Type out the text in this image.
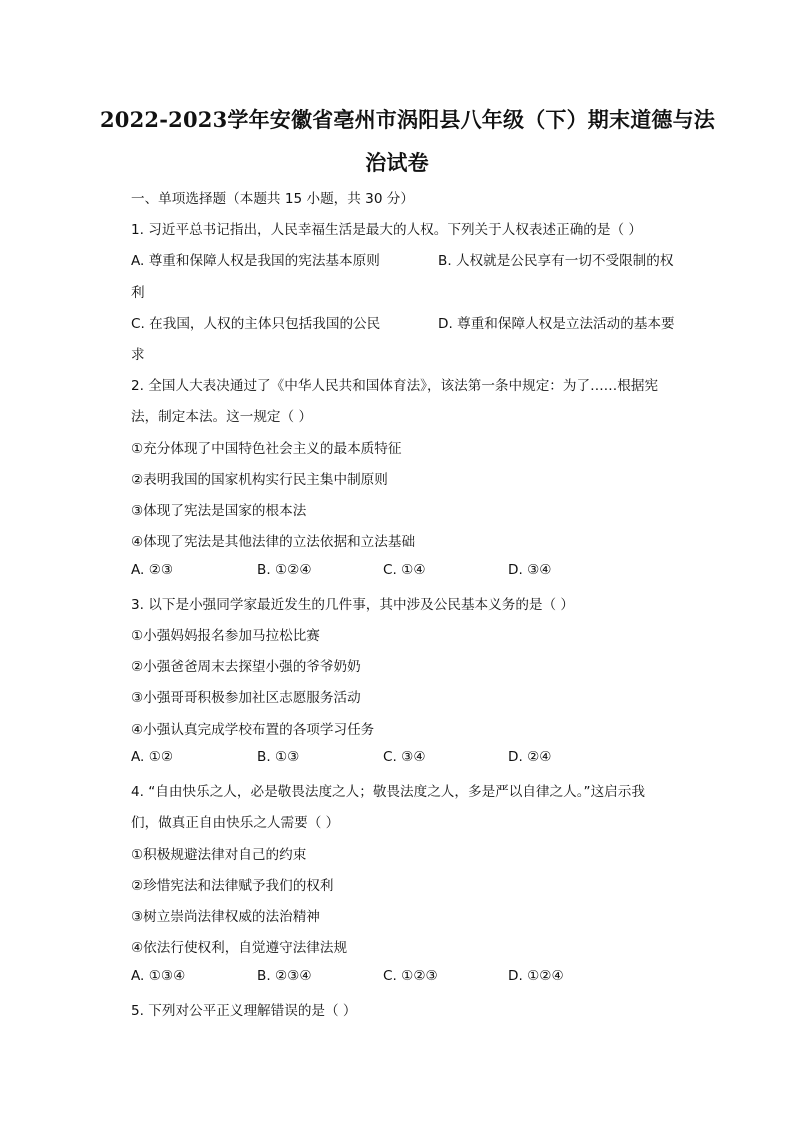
2022-2023学年安徽省亳州市涡阳县八年级（下）期末道德与法
治试卷
一、单项选择题（本题共 15 小题，共 30 分）
1. 习近平总书记指出，人民幸福生活是最大的人权。下列关于人权表述正确的是（ ）
A. 尊重和保障人权是我国的宪法基本原则	B. 人权就是公民享有一切不受限制的权
利
C. 在我国，人权的主体只包括我国的公民	D. 尊重和保障人权是立法活动的基本要
求
2. 全国人大表决通过了《中华人民共和国体育法》，该法第一条中规定：为了……根据宪
法，制定本法。这一规定（ ）
①充分体现了中国特色社会主义的最本质特征
②表明我国的国家机构实行民主集中制原则
③体现了宪法是国家的根本法
④体现了宪法是其他法律的立法依据和立法基础
A. ②③	B. ①②④	C. ①④	D. ③④
3. 以下是小强同学家最近发生的几件事，其中涉及公民基本义务的是（ ）
①小强妈妈报名参加马拉松比赛
②小强爸爸周末去探望小强的爷爷奶奶
③小强哥哥积极参加社区志愿服务活动
④小强认真完成学校布置的各项学习任务
A. ①②	B. ①③	C. ③④	D. ②④
4. “自由快乐之人，必是敬畏法度之人；敬畏法度之人，多是严以自律之人。”这启示我
们，做真正自由快乐之人需要（ ）
①积极规避法律对自己的约束
②珍惜宪法和法律赋予我们的权利
③树立崇尚法律权威的法治精神
④依法行使权利，自觉遵守法律法规
A. ①③④	B. ②③④	C. ①②③	D. ①②④
5. 下列对公平正义理解错误的是（ ）
